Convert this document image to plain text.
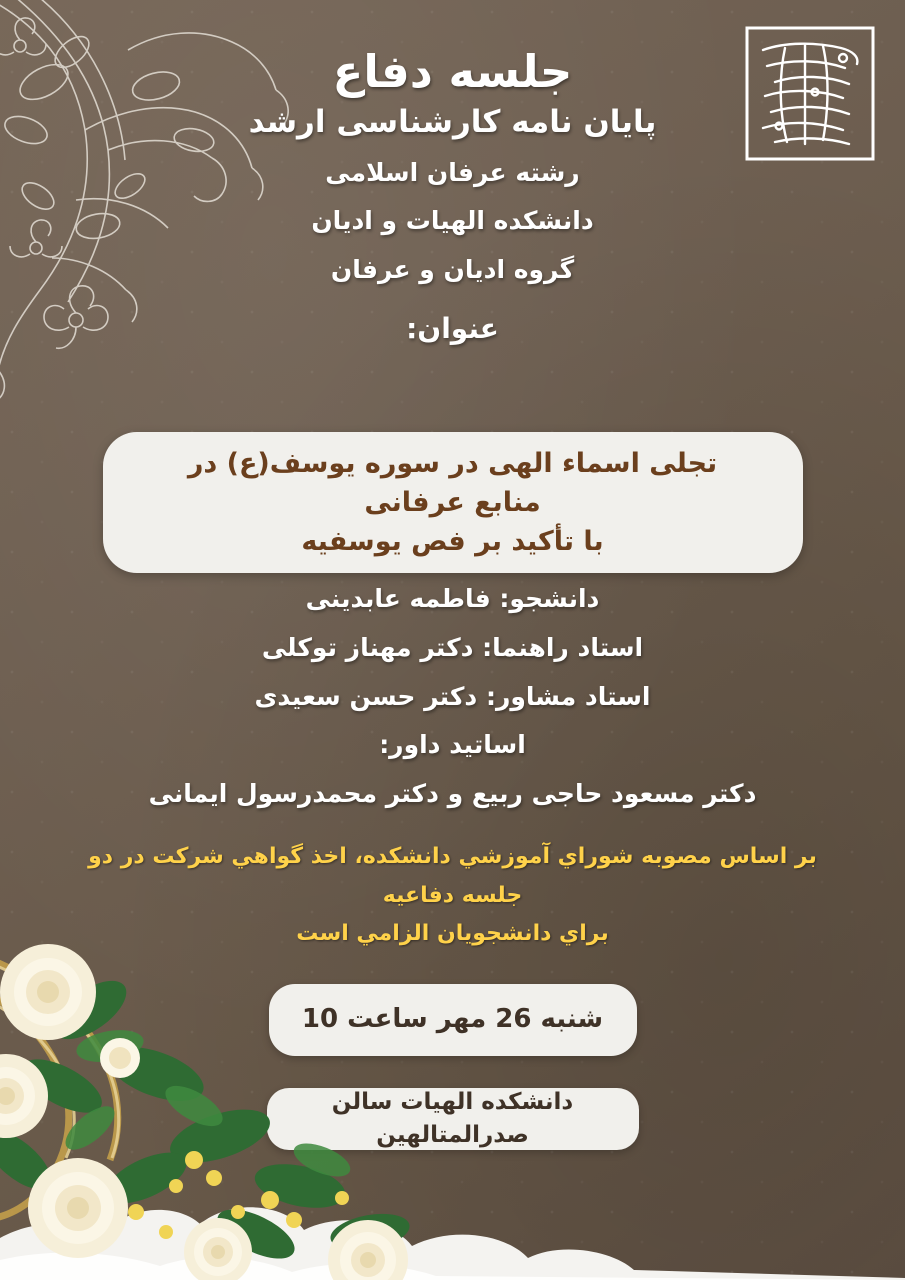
جلسه دفاع
پایان نامه کارشناسی ارشد
رشته عرفان اسلامی
دانشکده الهیات و ادیان
گروه ادیان و عرفان
عنوان:
تجلی اسماء الهی در سوره یوسف(ع) در منابع عرفانی
با تأکید بر فص یوسفیه
دانشجو: فاطمه عابدینی
استاد راهنما: دکتر مهناز توکلی
استاد مشاور: دکتر حسن سعیدی
اساتید داور:
دکتر مسعود حاجی ربیع و دکتر محمدرسول ایمانی
بر اساس مصوبه شوراي آموزشي دانشکده، اخذ گواهي شرکت در دو جلسه دفاعیه
براي دانشجویان الزامي است
شنبه 26 مهر ساعت 10
دانشکده الهیات سالن صدرالمتالهین
